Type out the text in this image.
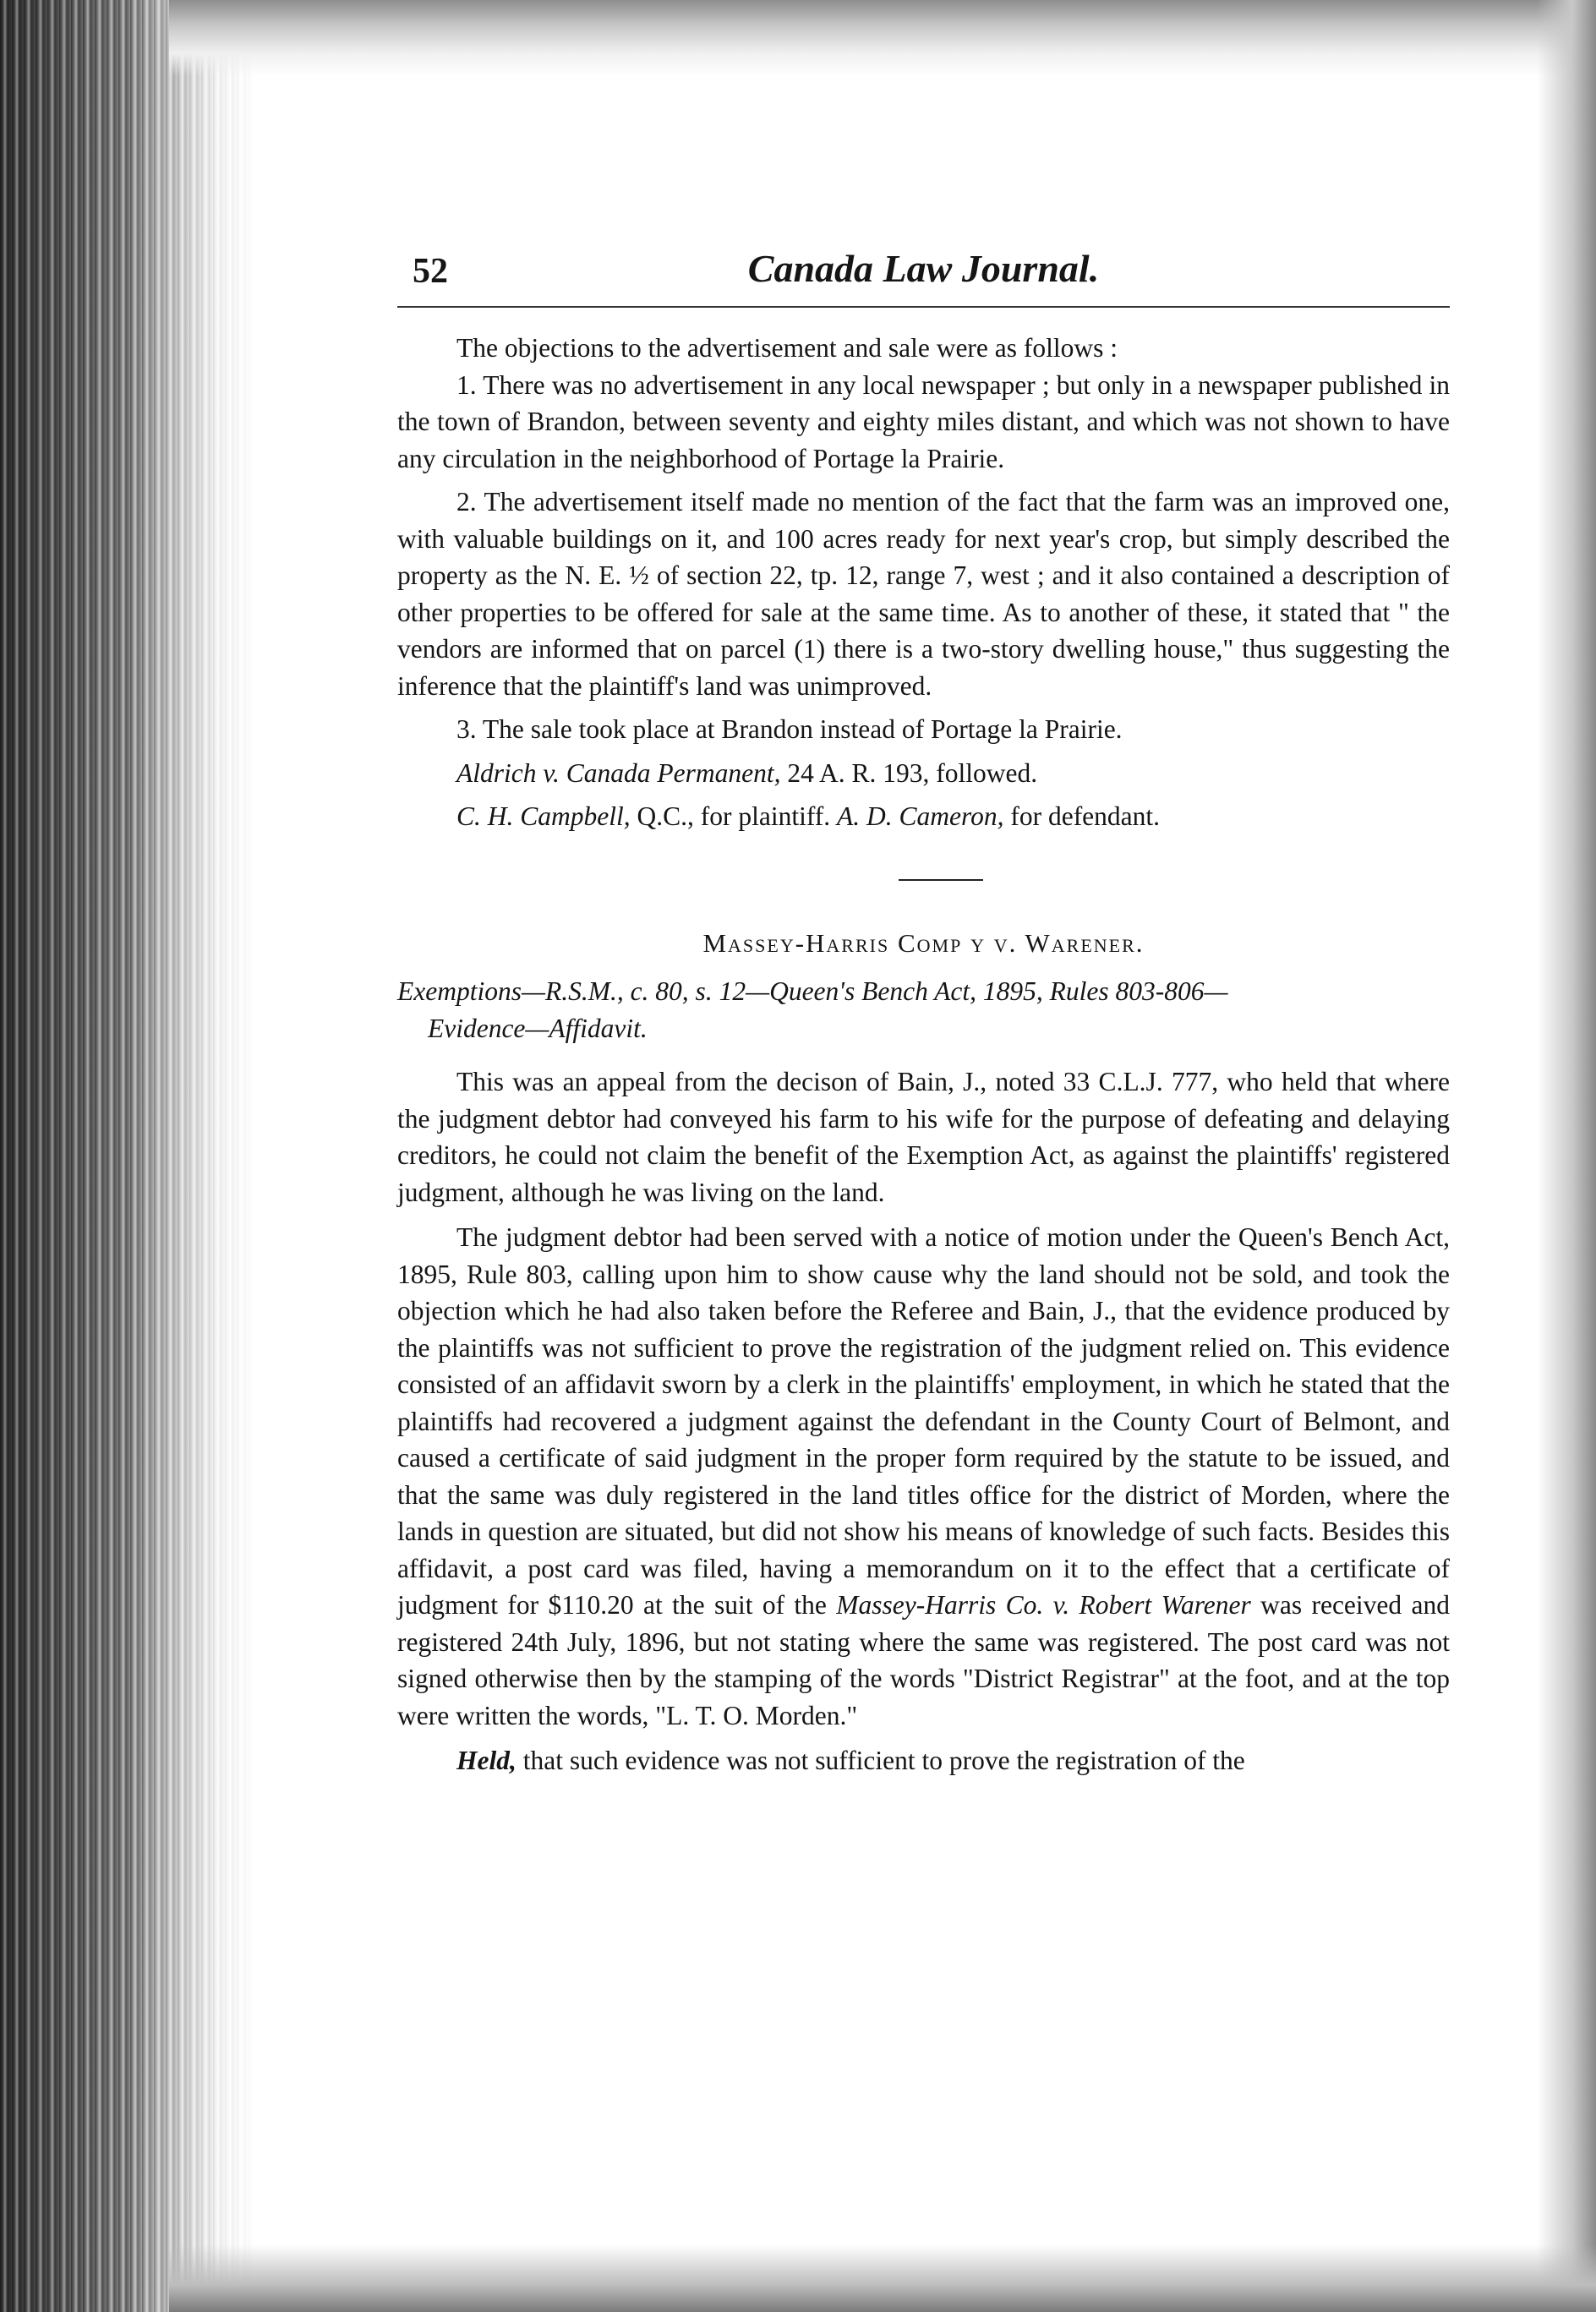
52	Canada Law Journal.

The objections to the advertisement and sale were as follows :

1. There was no advertisement in any local newspaper ; but only in a newspaper published in the town of Brandon, between seventy and eighty miles distant, and which was not shown to have any circulation in the neighborhood of Portage la Prairie.

2. The advertisement itself made no mention of the fact that the farm was an improved one, with valuable buildings on it, and 100 acres ready for next year's crop, but simply described the property as the N. E. ½ of section 22, tp. 12, range 7, west ; and it also contained a description of other properties to be offered for sale at the same time. As to another of these, it stated that " the vendors are informed that on parcel (1) there is a two-story dwelling house," thus suggesting the inference that the plaintiff's land was unimproved.

3. The sale took place at Brandon instead of Portage la Prairie.

Aldrich v. Canada Permanent, 24 A. R. 193, followed.

C. H. Campbell, Q.C., for plaintiff. A. D. Cameron, for defendant.

Massey-Harris Comp y v. Warener.
Exemptions—R.S.M., c. 80, s. 12—Queen's Bench Act, 1895, Rules 803-806—
Evidence—Affidavit.

This was an appeal from the decison of Bain, J., noted 33 C.L.J. 777, who held that where the judgment debtor had conveyed his farm to his wife for the purpose of defeating and delaying creditors, he could not claim the benefit of the Exemption Act, as against the plaintiffs' registered judgment, although he was living on the land.

The judgment debtor had been served with a notice of motion under the Queen's Bench Act, 1895, Rule 803, calling upon him to show cause why the land should not be sold, and took the objection which he had also taken before the Referee and Bain, J., that the evidence produced by the plaintiffs was not sufficient to prove the registration of the judgment relied on. This evidence consisted of an affidavit sworn by a clerk in the plaintiffs' employment, in which he stated that the plaintiffs had recovered a judgment against the defendant in the County Court of Belmont, and caused a certificate of said judgment in the proper form required by the statute to be issued, and that the same was duly registered in the land titles office for the district of Morden, where the lands in question are situated, but did not show his means of knowledge of such facts. Besides this affidavit, a post card was filed, having a memorandum on it to the effect that a certificate of judgment for $110.20 at the suit of the Massey-Harris Co. v. Robert Warener was received and registered 24th July, 1896, but not stating where the same was registered. The post card was not signed otherwise then by the stamping of the words "District Registrar" at the foot, and at the top were written the words, "L. T. O. Morden."

Held, that such evidence was not sufficient to prove the registration of the
